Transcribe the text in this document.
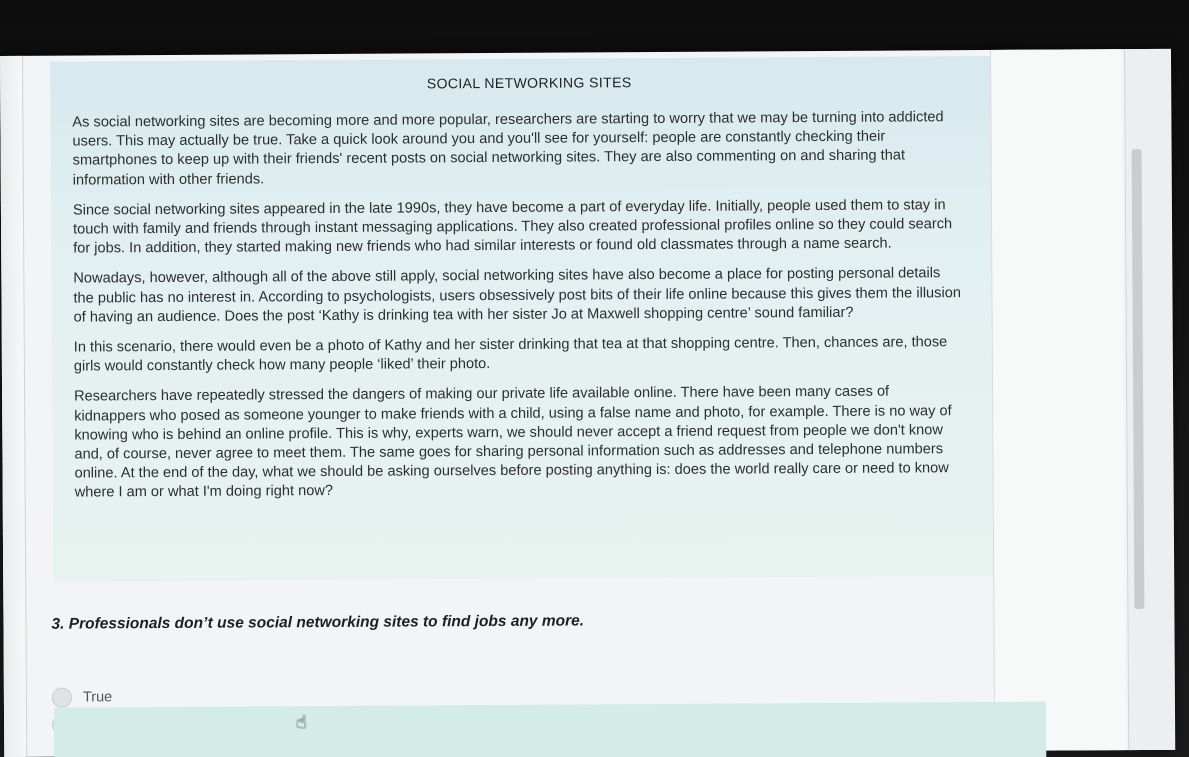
SOCIAL NETWORKING SITES

As social networking sites are becoming more and more popular, researchers are starting to worry that we may be turning into addicted users. This may actually be true. Take a quick look around you and you'll see for yourself: people are constantly checking their smartphones to keep up with their friends' recent posts on social networking sites. They are also commenting on and sharing that information with other friends.

Since social networking sites appeared in the late 1990s, they have become a part of everyday life. Initially, people used them to stay in touch with family and friends through instant messaging applications. They also created professional profiles online so they could search for jobs. In addition, they started making new friends who had similar interests or found old classmates through a name search.

Nowadays, however, although all of the above still apply, social networking sites have also become a place for posting personal details the public has no interest in. According to psychologists, users obsessively post bits of their life online because this gives them the illusion of having an audience. Does the post ‘Kathy is drinking tea with her sister Jo at Maxwell shopping centre’ sound familiar?

In this scenario, there would even be a photo of Kathy and her sister drinking that tea at that shopping centre. Then, chances are, those girls would constantly check how many people ‘liked’ their photo.

Researchers have repeatedly stressed the dangers of making our private life available online. There have been many cases of kidnappers who posed as someone younger to make friends with a child, using a false name and photo, for example. There is no way of knowing who is behind an online profile. This is why, experts warn, we should never accept a friend request from people we don't know and, of course, never agree to meet them. The same goes for sharing personal information such as addresses and telephone numbers online. At the end of the day, what we should be asking ourselves before posting anything is: does the world really care or need to know where I am or what I'm doing right now?

3. Professionals don’t use social networking sites to find jobs any more.
True
☝
